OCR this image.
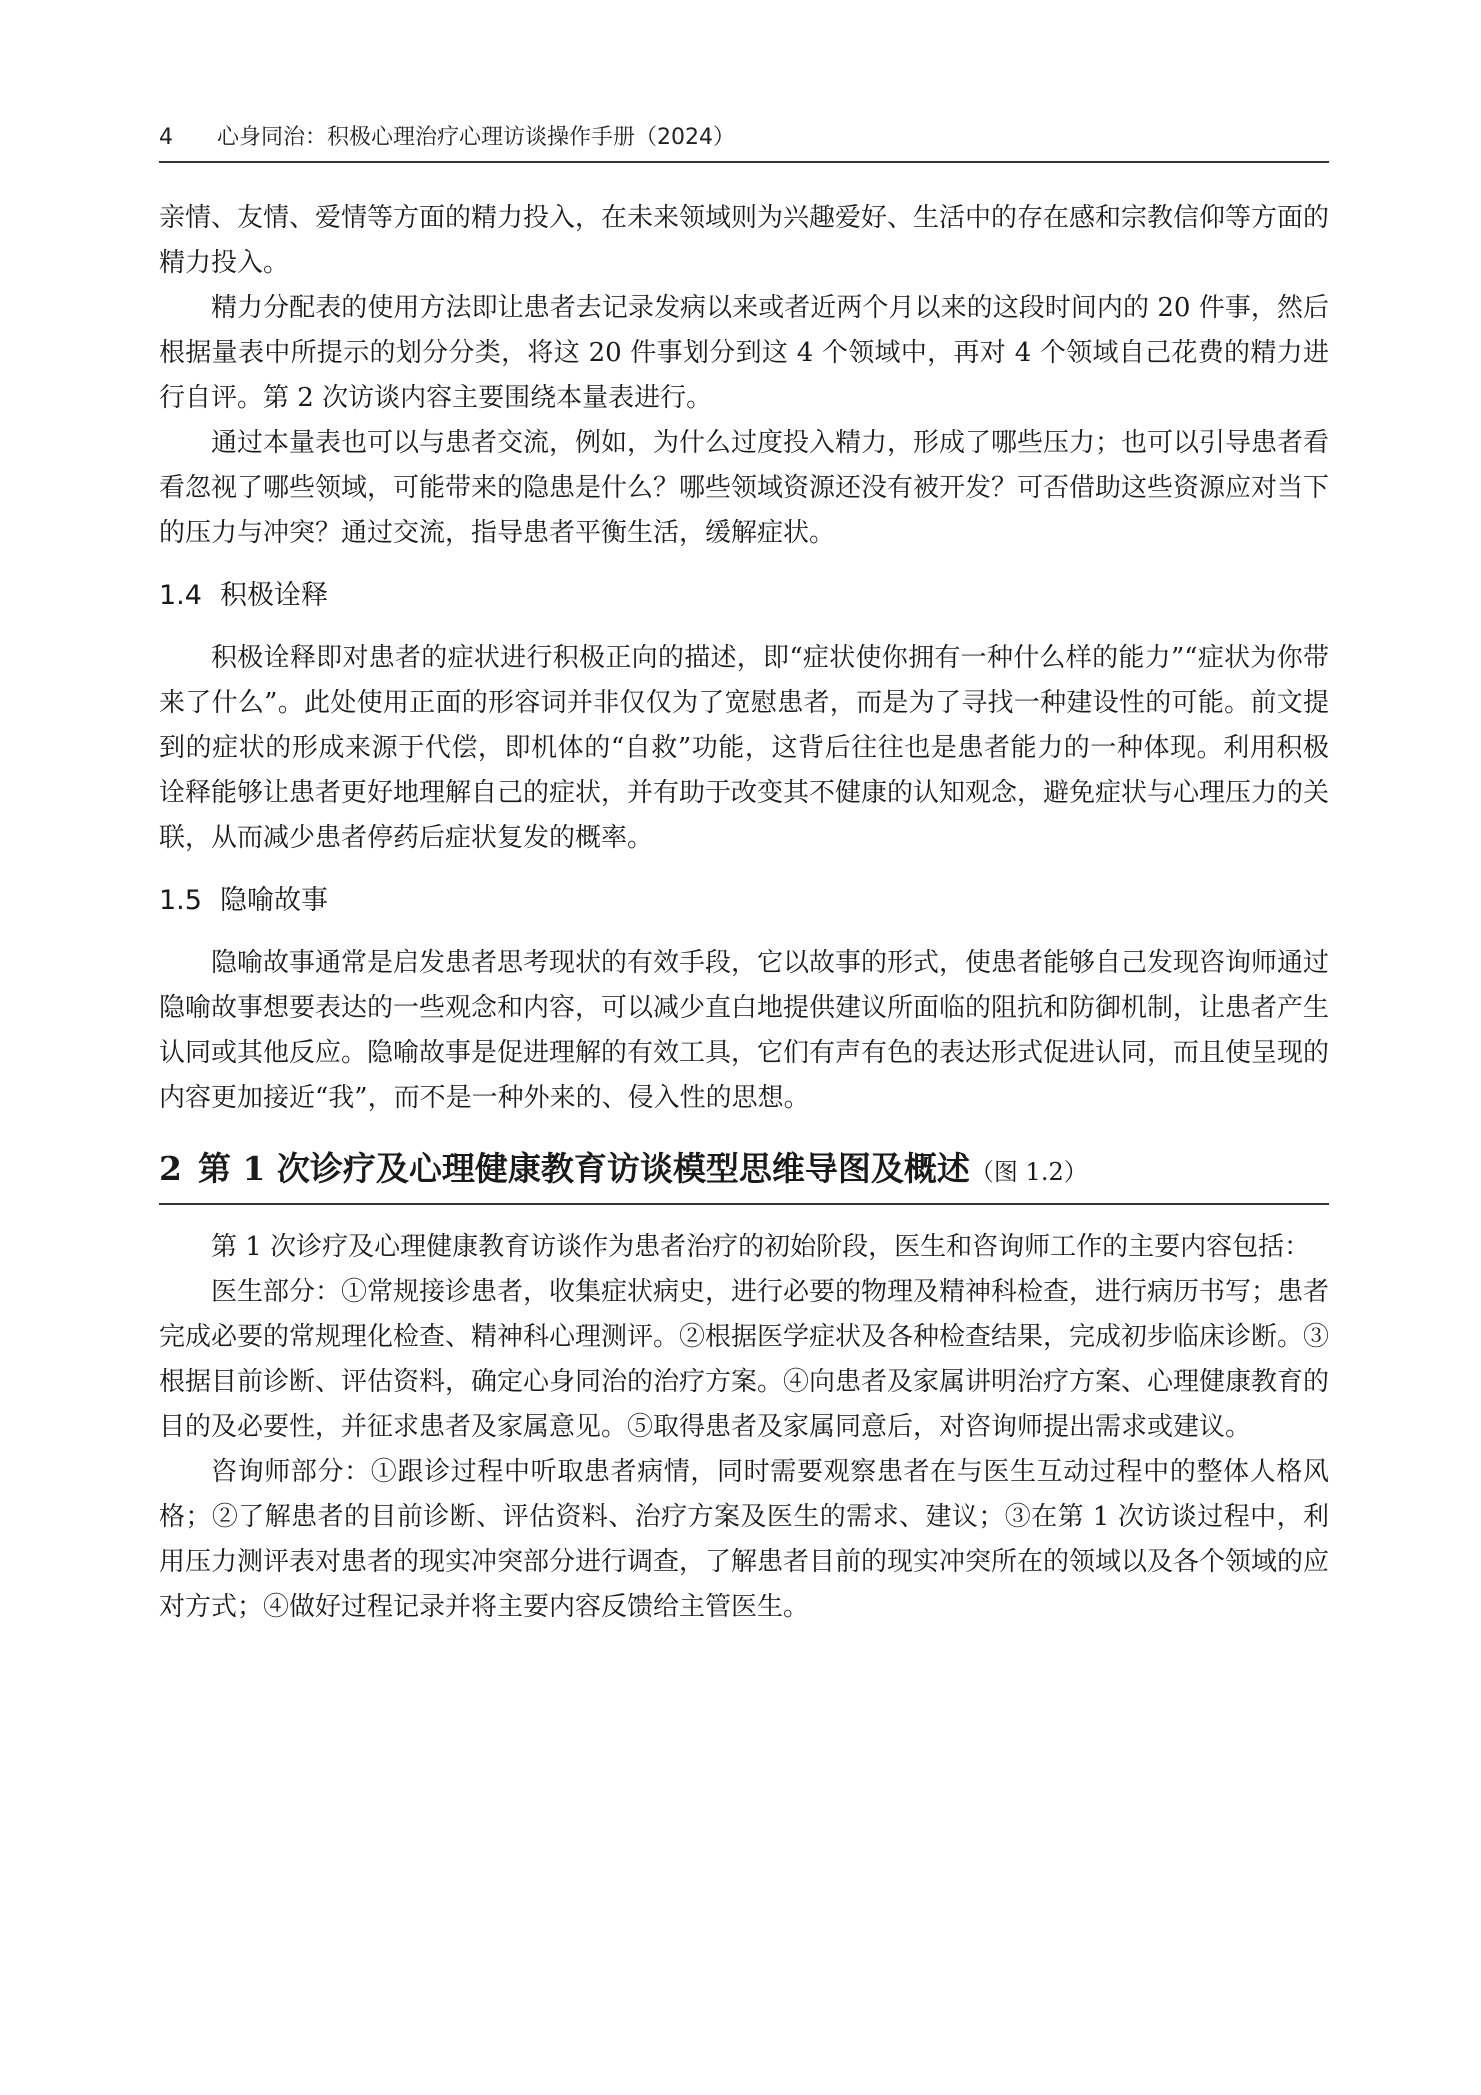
4 心身同治：积极心理治疗心理访谈操作手册（2024）

亲情、友情、爱情等方面的精力投入，在未来领域则为兴趣爱好、生活中的存在感和宗教信仰等方面的精力投入。

精力分配表的使用方法即让患者去记录发病以来或者近两个月以来的这段时间内的 20 件事，然后根据量表中所提示的划分分类，将这 20 件事划分到这 4 个领域中，再对 4 个领域自己花费的精力进行自评。第 2 次访谈内容主要围绕本量表进行。

通过本量表也可以与患者交流，例如，为什么过度投入精力，形成了哪些压力；也可以引导患者看看忽视了哪些领域，可能带来的隐患是什么？哪些领域资源还没有被开发？可否借助这些资源应对当下的压力与冲突？通过交流，指导患者平衡生活，缓解症状。

1.4 积极诠释

积极诠释即对患者的症状进行积极正向的描述，即“症状使你拥有一种什么样的能力”“症状为你带来了什么”。此处使用正面的形容词并非仅仅为了宽慰患者，而是为了寻找一种建设性的可能。前文提到的症状的形成来源于代偿，即机体的“自救”功能，这背后往往也是患者能力的一种体现。利用积极诠释能够让患者更好地理解自己的症状，并有助于改变其不健康的认知观念，避免症状与心理压力的关联，从而减少患者停药后症状复发的概率。

1.5 隐喻故事

隐喻故事通常是启发患者思考现状的有效手段，它以故事的形式，使患者能够自己发现咨询师通过隐喻故事想要表达的一些观念和内容，可以减少直白地提供建议所面临的阻抗和防御机制，让患者产生认同或其他反应。隐喻故事是促进理解的有效工具，它们有声有色的表达形式促进认同，而且使呈现的内容更加接近“我”，而不是一种外来的、侵入性的思想。

2 第 1 次诊疗及心理健康教育访谈模型思维导图及概述（图 1.2）

第 1 次诊疗及心理健康教育访谈作为患者治疗的初始阶段，医生和咨询师工作的主要内容包括：

医生部分：①常规接诊患者，收集症状病史，进行必要的物理及精神科检查，进行病历书写；患者完成必要的常规理化检查、精神科心理测评。②根据医学症状及各种检查结果，完成初步临床诊断。③根据目前诊断、评估资料，确定心身同治的治疗方案。④向患者及家属讲明治疗方案、心理健康教育的目的及必要性，并征求患者及家属意见。⑤取得患者及家属同意后，对咨询师提出需求或建议。

咨询师部分：①跟诊过程中听取患者病情，同时需要观察患者在与医生互动过程中的整体人格风格；②了解患者的目前诊断、评估资料、治疗方案及医生的需求、建议；③在第 1 次访谈过程中，利用压力测评表对患者的现实冲突部分进行调查，了解患者目前的现实冲突所在的领域以及各个领域的应对方式；④做好过程记录并将主要内容反馈给主管医生。
